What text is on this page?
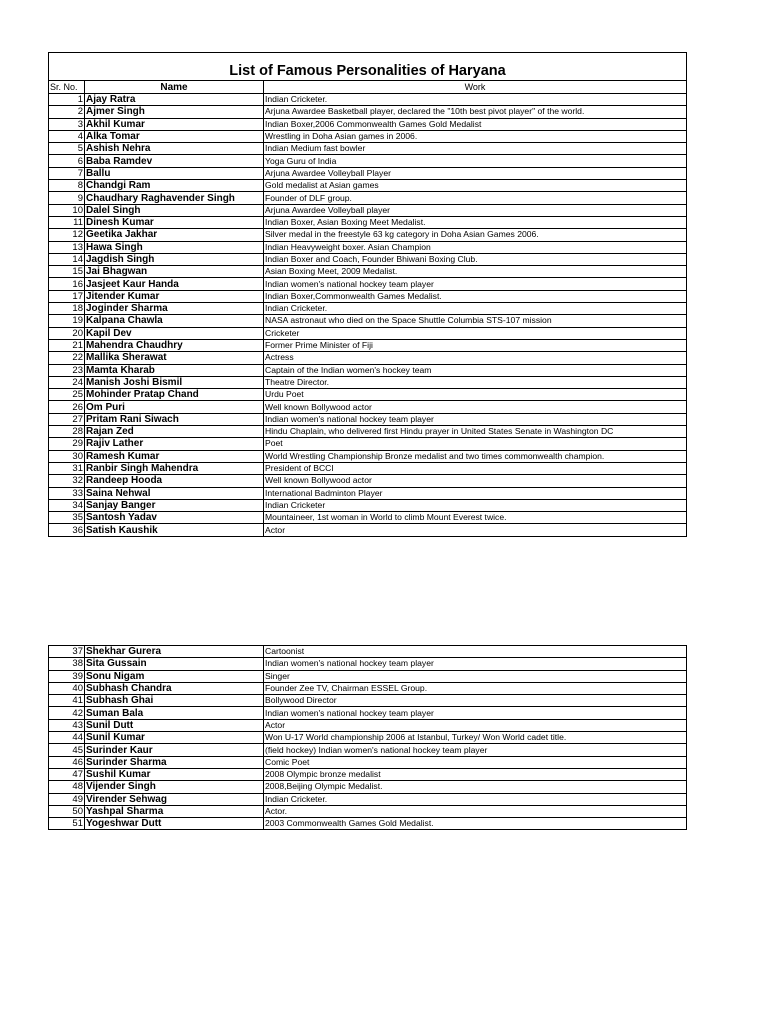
List of Famous Personalities of Haryana		
Sr. No.	Name	Work
1	Ajay Ratra	Indian Cricketer.
2	Ajmer Singh	Arjuna Awardee Basketball player, declared the "10th best pivot player" of the world.
3	Akhil Kumar	Indian Boxer,2006 Commonwealth Games Gold Medalist
4	Alka Tomar	Wrestling in Doha Asian games in 2006.
5	Ashish Nehra	Indian Medium fast bowler
6	Baba Ramdev	Yoga Guru of India
7	Ballu	Arjuna Awardee Volleyball Player
8	Chandgi Ram	Gold medalist at Asian games
9	Chaudhary Raghavender Singh	Founder of DLF group.
10	Dalel Singh	Arjuna Awardee Volleyball player
11	Dinesh Kumar	Indian Boxer, Asian Boxing Meet Medalist.
12	Geetika Jakhar	Silver medal in the freestyle 63 kg category in Doha Asian Games 2006.
13	Hawa Singh	Indian Heavyweight boxer. Asian Champion
14	Jagdish Singh	Indian Boxer and Coach, Founder Bhiwani Boxing Club.
15	Jai Bhagwan	Asian Boxing Meet, 2009 Medalist.
16	Jasjeet Kaur Handa	Indian women's national hockey team player
17	Jitender Kumar	Indian Boxer,Commonwealth Games Medalist.
18	Joginder Sharma	Indian Cricketer.
19	Kalpana Chawla	NASA astronaut who died on the Space Shuttle Columbia STS-107 mission
20	Kapil Dev	Cricketer
21	Mahendra Chaudhry	Former Prime Minister of Fiji
22	Mallika Sherawat	Actress
23	Mamta Kharab	Captain of the Indian women's hockey team
24	Manish Joshi Bismil	Theatre Director.
25	Mohinder Pratap Chand	Urdu Poet
26	Om Puri	Well known Bollywood actor
27	Pritam Rani Siwach	Indian women's national hockey team player
28	Rajan Zed	Hindu Chaplain, who delivered first Hindu prayer in United States Senate in Washington DC
29	Rajiv Lather	Poet
30	Ramesh Kumar	World Wrestling Championship Bronze medalist and two times commonwealth champion.
31	Ranbir Singh Mahendra	President of BCCI
32	Randeep Hooda	Well known Bollywood actor
33	Saina Nehwal	International Badminton Player
34	Sanjay Banger	Indian Cricketer
35	Santosh Yadav	Mountaineer, 1st woman in World to climb Mount Everest twice.
36	Satish Kaushik	Actor
37	Shekhar Gurera	Cartoonist
38	Sita Gussain	Indian women's national hockey team player
39	Sonu Nigam	Singer
40	Subhash Chandra	Founder Zee TV, Chairman ESSEL Group.
41	Subhash Ghai	Bollywood Director
42	Suman Bala	Indian women's national hockey team player
43	Sunil Dutt	Actor
44	Sunil Kumar	Won U-17 World championship 2006 at Istanbul, Turkey/ Won World cadet title.
45	Surinder Kaur	(field hockey) Indian women's national hockey team player
46	Surinder Sharma	Comic Poet
47	Sushil Kumar	2008 Olympic bronze medalist
48	Vijender Singh	2008,Beijing Olympic Medalist.
49	Virender Sehwag	Indian Cricketer.
50	Yashpal Sharma	Actor.
51	Yogeshwar Dutt	2003 Commonwealth Games Gold Medalist.
